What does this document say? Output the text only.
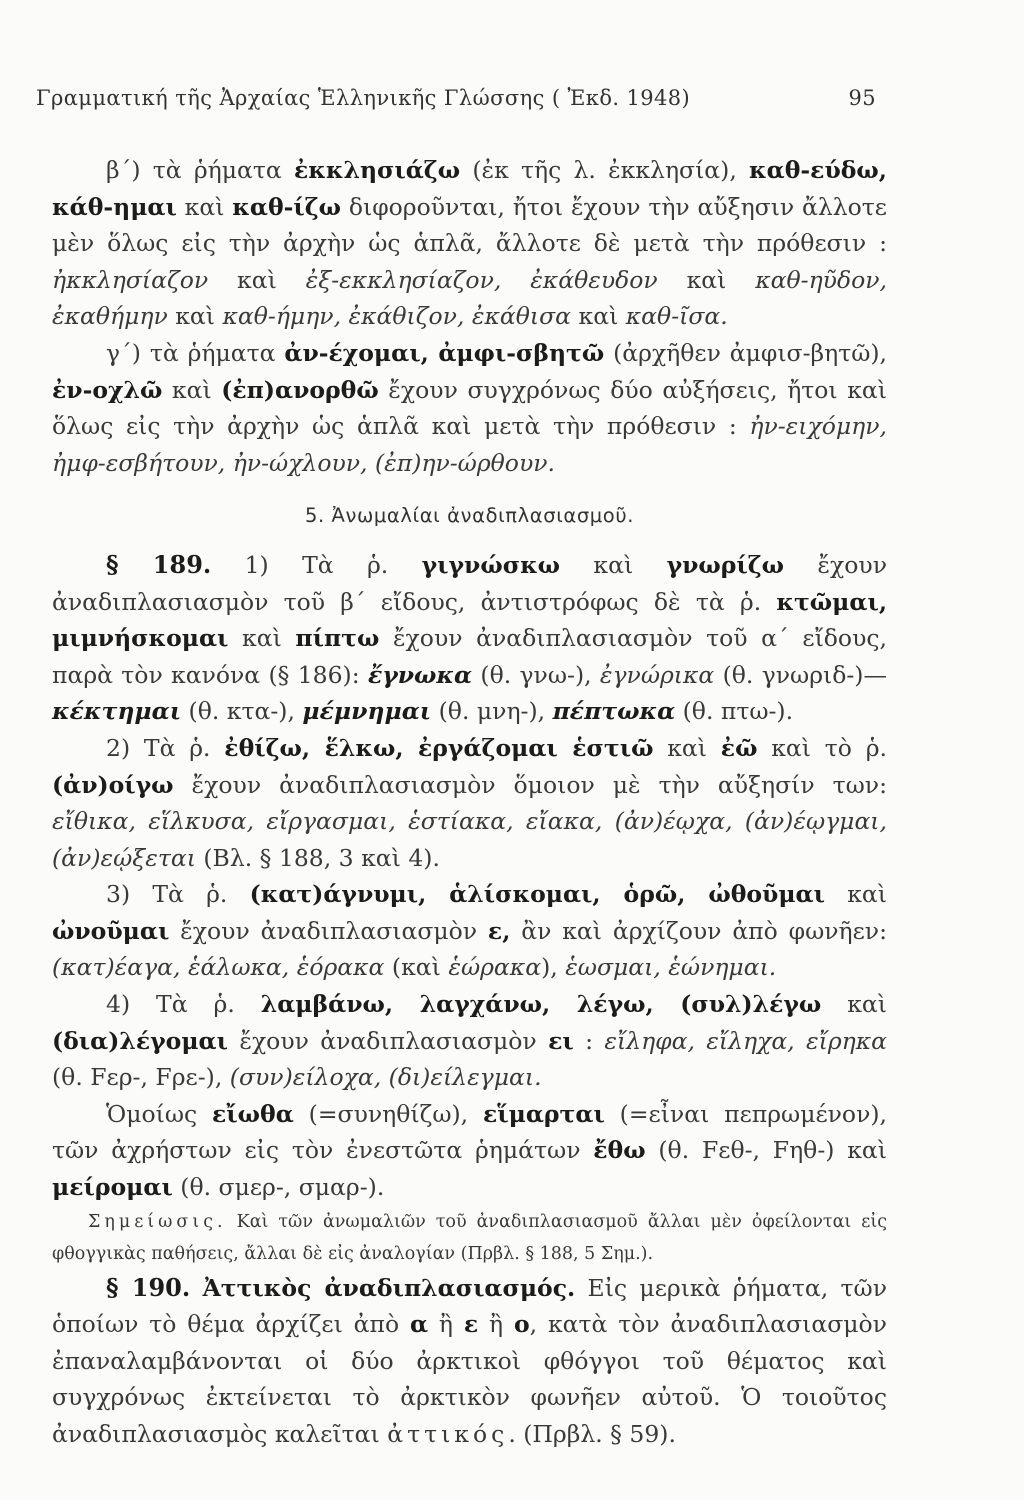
Γραμματική τῆς Ἀρχαίας Ἑλληνικῆς Γλώσσης ( Ἐκδ. 1948)	95

β΄) τὰ ῥήματα ἐκκλησιάζω (ἐκ τῆς λ. ἐκκλησία), καθ-εύδω, κάθ-ημαι καὶ καθ-ίζω διφοροῦνται, ἤτοι ἔχουν τὴν αὔξησιν ἄλλοτε μὲν ὅλως εἰς τὴν ἀρχὴν ὡς ἁπλᾶ, ἄλλοτε δὲ μετὰ τὴν πρόθεσιν : ἠκκλησίαζον καὶ ἐξ-εκκλησίαζον, ἐκάθευδον καὶ καθ-ηῦδον, ἐκαθήμην καὶ καθ-ήμην, ἐκάθιζον, ἐκάθισα καὶ καθ-ῖσα.

γ΄) τὰ ῥήματα ἀν-έχομαι, ἀμφι-σβητῶ (ἀρχῆθεν ἀμφισ-βητῶ), ἐν-οχλῶ καὶ (ἐπ)ανορθῶ ἔχουν συγχρόνως δύο αὐξήσεις, ἤτοι καὶ ὅλως εἰς τὴν ἀρχὴν ὡς ἁπλᾶ καὶ μετὰ τὴν πρόθεσιν : ἠν-ειχόμην, ἠμφ-εσβήτουν, ἠν-ώχλουν, (ἐπ)ην-ώρθουν.

5. Ἀνωμαλίαι ἀναδιπλασιασμοῦ.

§ 189. 1) Τὰ ῥ. γιγνώσκω καὶ γνωρίζω ἔχουν ἀναδιπλασιασμὸν τοῦ β΄ εἴδους, ἀντιστρόφως δὲ τὰ ῥ. κτῶμαι, μιμνήσκομαι καὶ πίπτω ἔχουν ἀναδιπλασιασμὸν τοῦ α΄ εἴδους, παρὰ τὸν κανόνα (§ 186): ἔγνωκα (θ. γνω-), ἐγνώρικα (θ. γνωριδ-)—κέκτημαι (θ. κτα-), μέμνημαι (θ. μνη-), πέπτωκα (θ. πτω-).

2) Τὰ ῥ. ἐθίζω, ἕλκω, ἐργάζομαι ἑστιῶ καὶ ἐῶ καὶ τὸ ῥ. (ἀν)οίγω ἔχουν ἀναδιπλασιασμὸν ὅμοιον μὲ τὴν αὔξησίν των: εἴθικα, εἵλκυσα, εἴργασμαι, ἑστίακα, εἴακα, (ἀν)έῳχα, (ἀν)έῳγμαι, (ἀν)εῴξεται (Βλ. § 188, 3 καὶ 4).

3) Τὰ ῥ. (κατ)άγνυμι, ἁλίσκομαι, ὁρῶ, ὠθοῦμαι καὶ ὠνοῦμαι ἔχουν ἀναδιπλασιασμὸν ε, ἂν καὶ ἀρχίζουν ἀπὸ φωνῆεν: (κατ)έαγα, ἑάλωκα, ἑόρακα (καὶ ἑώρακα), ἑωσμαι, ἑώνημαι.

4) Τὰ ῥ. λαμβάνω, λαγχάνω, λέγω, (συλ)λέγω καὶ (δια)λέγομαι ἔχουν ἀναδιπλασιασμὸν ει : εἴληφα, εἴληχα, εἴρηκα (θ. Fερ-, Fρε-), (συν)είλοχα, (δι)είλεγμαι.

Ὁμοίως εἴωθα (=συνηθίζω), εἵμαρται (=εἶναι πεπρωμένον), τῶν ἀχρήστων εἰς τὸν ἐνεστῶτα ῥημάτων ἔθω (θ. Fεθ-, Fηθ-) καὶ μείρομαι (θ. σμερ-, σμαρ-).

Σημείωσις. Καὶ τῶν ἀνωμαλιῶν τοῦ ἀναδιπλασιασμοῦ ἄλλαι μὲν ὀφείλονται εἰς φθογγικὰς παθήσεις, ἄλλαι δὲ εἰς ἀναλογίαν (Πρβλ. § 188, 5 Σημ.).

§ 190. Ἀττικὸς ἀναδιπλασιασμός. Εἰς μερικὰ ῥήματα, τῶν ὁποίων τὸ θέμα ἀρχίζει ἀπὸ α ἢ ε ἢ ο, κατὰ τὸν ἀναδιπλασιασμὸν ἐπαναλαμβάνονται οἱ δύο ἀρκτικοὶ φθόγγοι τοῦ θέματος καὶ συγχρόνως ἐκτείνεται τὸ ἀρκτικὸν φωνῆεν αὐτοῦ. Ὁ τοιοῦτος ἀναδιπλασιασμὸς καλεῖται ἀττικός. (Πρβλ. § 59).
